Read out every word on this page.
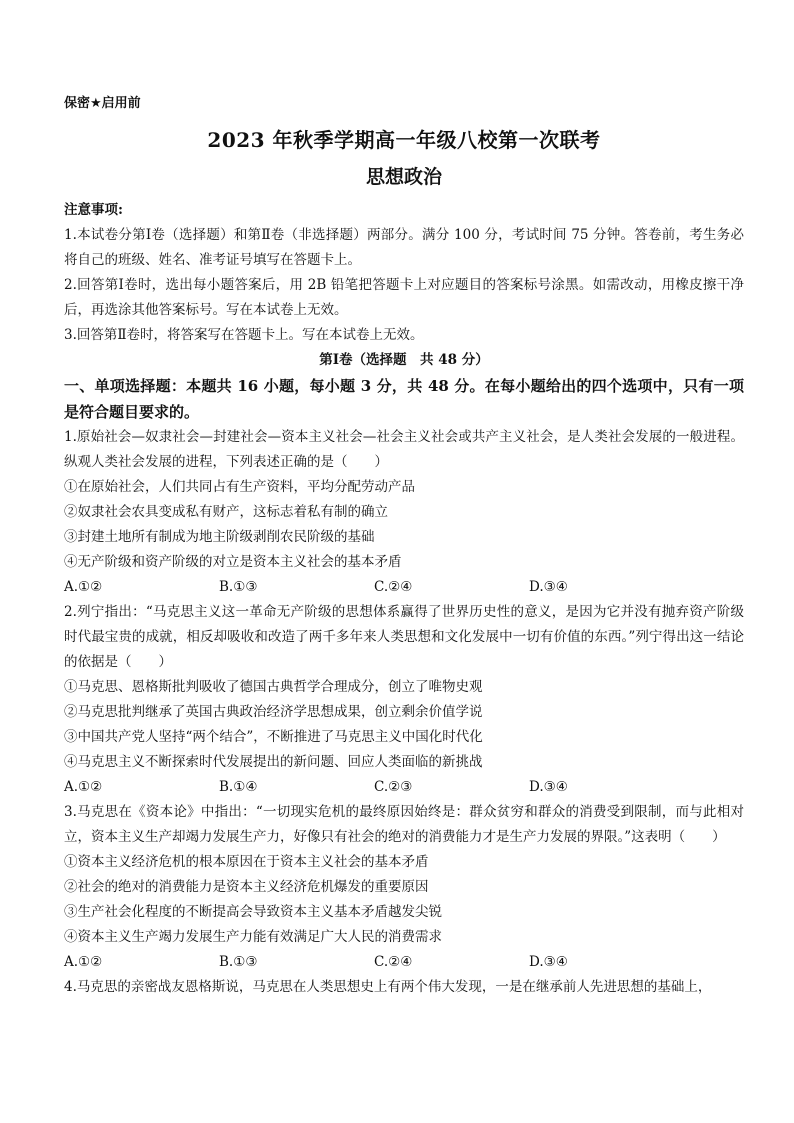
保密★启用前
2023 年秋季学期高一年级八校第一次联考
思想政治

注意事项:

1.本试卷分第Ⅰ卷（选择题）和第Ⅱ卷（非选择题）两部分。满分 100 分，考试时间 75 分钟。答卷前，考生务必将自己的班级、姓名、准考证号填写在答题卡上。

2.回答第Ⅰ卷时，选出每小题答案后，用 2B 铅笔把答题卡上对应题目的答案标号涂黑。如需改动，用橡皮擦干净后，再选涂其他答案标号。写在本试卷上无效。

3.回答第Ⅱ卷时，将答案写在答题卡上。写在本试卷上无效。

第Ⅰ卷（选择题　共 48 分）

一、单项选择题：本题共 16 小题，每小题 3 分，共 48 分。在每小题给出的四个选项中，只有一项是符合题目要求的。

1.原始社会—奴隶社会—封建社会—资本主义社会—社会主义社会或共产主义社会，是人类社会发展的一般进程。纵观人类社会发展的进程，下列表述正确的是（　　）

①在原始社会，人们共同占有生产资料，平均分配劳动产品

②奴隶社会农具变成私有财产，这标志着私有制的确立

③封建土地所有制成为地主阶级剥削农民阶级的基础

④无产阶级和资产阶级的对立是资本主义社会的基本矛盾

A.①②	B.①③	C.②④	D.③④

2.列宁指出：“马克思主义这一革命无产阶级的思想体系赢得了世界历史性的意义，是因为它并没有抛弃资产阶级时代最宝贵的成就，相反却吸收和改造了两千多年来人类思想和文化发展中一切有价值的东西。”列宁得出这一结论的依据是（　　）

①马克思、恩格斯批判吸收了德国古典哲学合理成分，创立了唯物史观

②马克思批判继承了英国古典政治经济学思想成果，创立剩余价值学说

③中国共产党人坚持“两个结合”，不断推进了马克思主义中国化时代化

④马克思主义不断探索时代发展提出的新问题、回应人类面临的新挑战

A.①②	B.①④	C.②③	D.③④

3.马克思在《资本论》中指出：“一切现实危机的最终原因始终是：群众贫穷和群众的消费受到限制，而与此相对立，资本主义生产却竭力发展生产力，好像只有社会的绝对的消费能力才是生产力发展的界限。”这表明（　　）

①资本主义经济危机的根本原因在于资本主义社会的基本矛盾

②社会的绝对的消费能力是资本主义经济危机爆发的重要原因

③生产社会化程度的不断提高会导致资本主义基本矛盾越发尖锐

④资本主义生产竭力发展生产力能有效满足广大人民的消费需求

A.①②	B.①③	C.②④	D.③④

4.马克思的亲密战友恩格斯说，马克思在人类思想史上有两个伟大发现，一是在继承前人先进思想的基础上，
